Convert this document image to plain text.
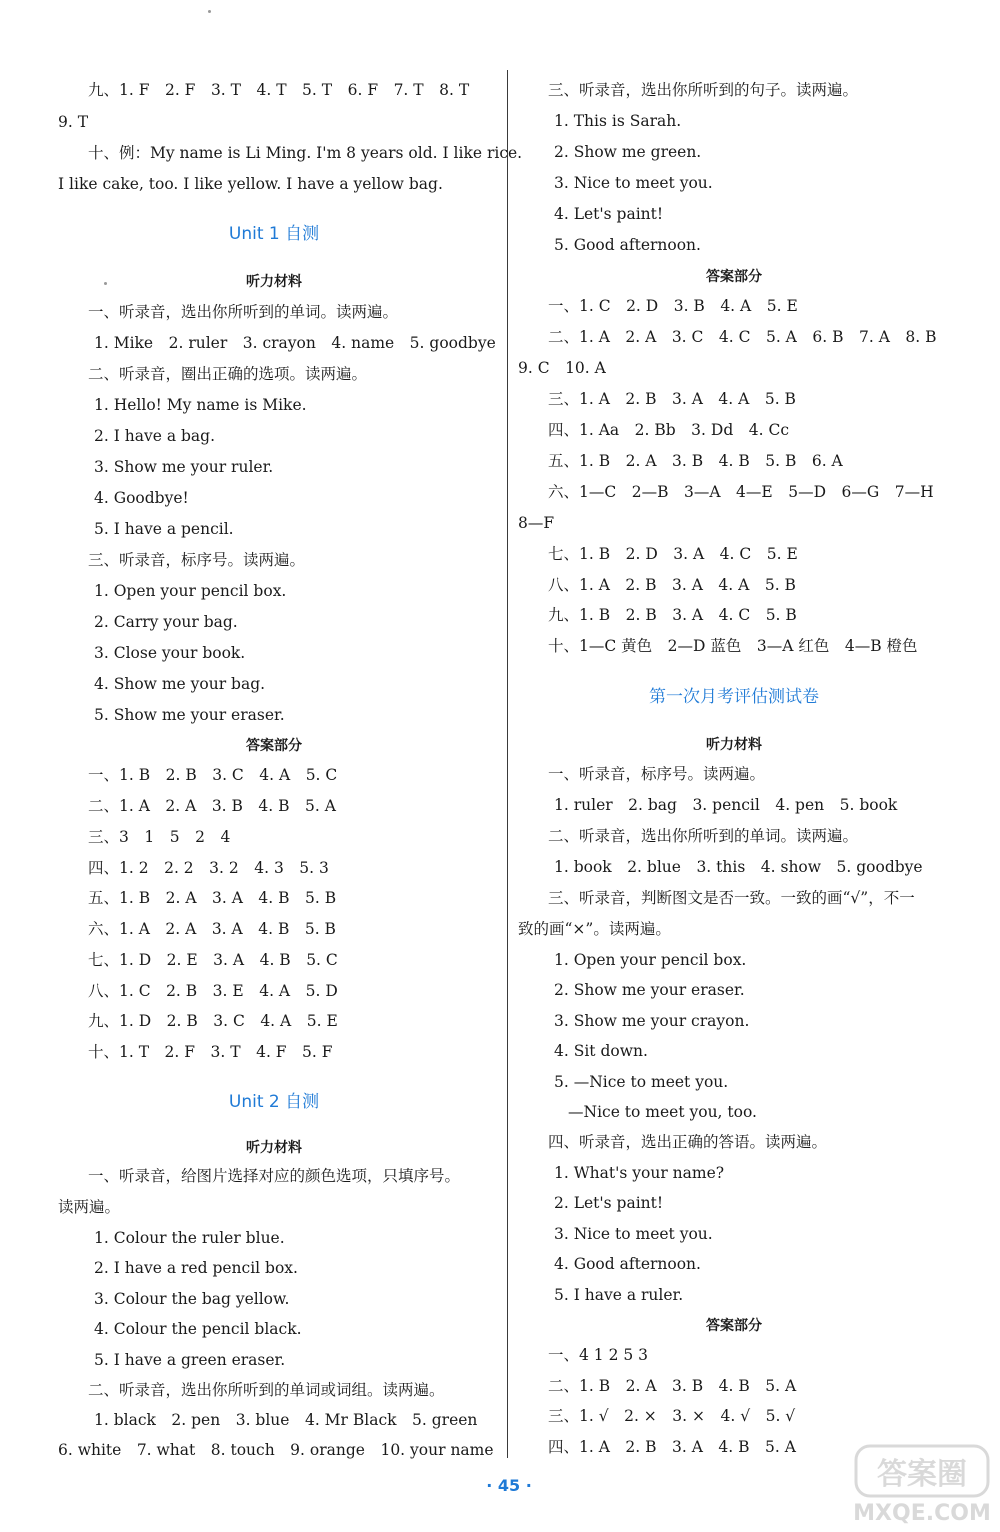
九、1. F　2. F　3. T　4. T　5. T　6. F　7. T　8. T
9. T
十、例：My name is Li Ming. I'm 8 years old. I like rice.
I like cake, too. I like yellow. I have a yellow bag.
Unit 1 自测
听力材料
一、听录音，选出你所听到的单词。读两遍。
1. Mike　2. ruler　3. crayon　4. name　5. goodbye
二、听录音，圈出正确的选项。读两遍。
1. Hello! My name is Mike.
2. I have a bag.
3. Show me your ruler.
4. Goodbye!
5. I have a pencil.
三、听录音，标序号。读两遍。
1. Open your pencil box.
2. Carry your bag.
3. Close your book.
4. Show me your bag.
5. Show me your eraser.
答案部分
一、1. B　2. B　3. C　4. A　5. C
二、1. A　2. A　3. B　4. B　5. A
三、3　1　5　2　4
四、1. 2　2. 2　3. 2　4. 3　5. 3
五、1. B　2. A　3. A　4. B　5. B
六、1. A　2. A　3. A　4. B　5. B
七、1. D　2. E　3. A　4. B　5. C
八、1. C　2. B　3. E　4. A　5. D
九、1. D　2. B　3. C　4. A　5. E
十、1. T　2. F　3. T　4. F　5. F
Unit 2 自测
听力材料
一、听录音，给图片选择对应的颜色选项，只填序号。
读两遍。
1. Colour the ruler blue.
2. I have a red pencil box.
3. Colour the bag yellow.
4. Colour the pencil black.
5. I have a green eraser.
二、听录音，选出你所听到的单词或词组。读两遍。
1. black　2. pen　3. blue　4. Mr Black　5. green
6. white　7. what　8. touch　9. orange　10. your name
三、听录音，选出你所听到的句子。读两遍。
1. This is Sarah.
2. Show me green.
3. Nice to meet you.
4. Let's paint!
5. Good afternoon.
答案部分
一、1. C　2. D　3. B　4. A　5. E
二、1. A　2. A　3. C　4. C　5. A　6. B　7. A　8. B
9. C　10. A
三、1. A　2. B　3. A　4. A　5. B
四、1. Aa　2. Bb　3. Dd　4. Cc
五、1. B　2. A　3. B　4. B　5. B　6. A
六、1—C　2—B　3—A　4—E　5—D　6—G　7—H
8—F
七、1. B　2. D　3. A　4. C　5. E
八、1. A　2. B　3. A　4. A　5. B
九、1. B　2. B　3. A　4. C　5. B
十、1—C 黄色　2—D 蓝色　3—A 红色　4—B 橙色
第一次月考评估测试卷
听力材料
一、听录音，标序号。读两遍。
1. ruler　2. bag　3. pencil　4. pen　5. book
二、听录音，选出你所听到的单词。读两遍。
1. book　2. blue　3. this　4. show　5. goodbye
三、听录音，判断图文是否一致。一致的画“√”，不一
致的画“×”。读两遍。
1. Open your pencil box.
2. Show me your eraser.
3. Show me your crayon.
4. Sit down.
5. —Nice to meet you.
—Nice to meet you, too.
四、听录音，选出正确的答语。读两遍。
1. What's your name?
2. Let's paint!
3. Nice to meet you.
4. Good afternoon.
5. I have a ruler.
答案部分
一、4 1 2 5 3
二、1. B　2. A　3. B　4. B　5. A
三、1. √　2. ×　3. ×　4. √　5. √
四、1. A　2. B　3. A　4. B　5. A
· 45 ·	答案圈
MXQE.COM
